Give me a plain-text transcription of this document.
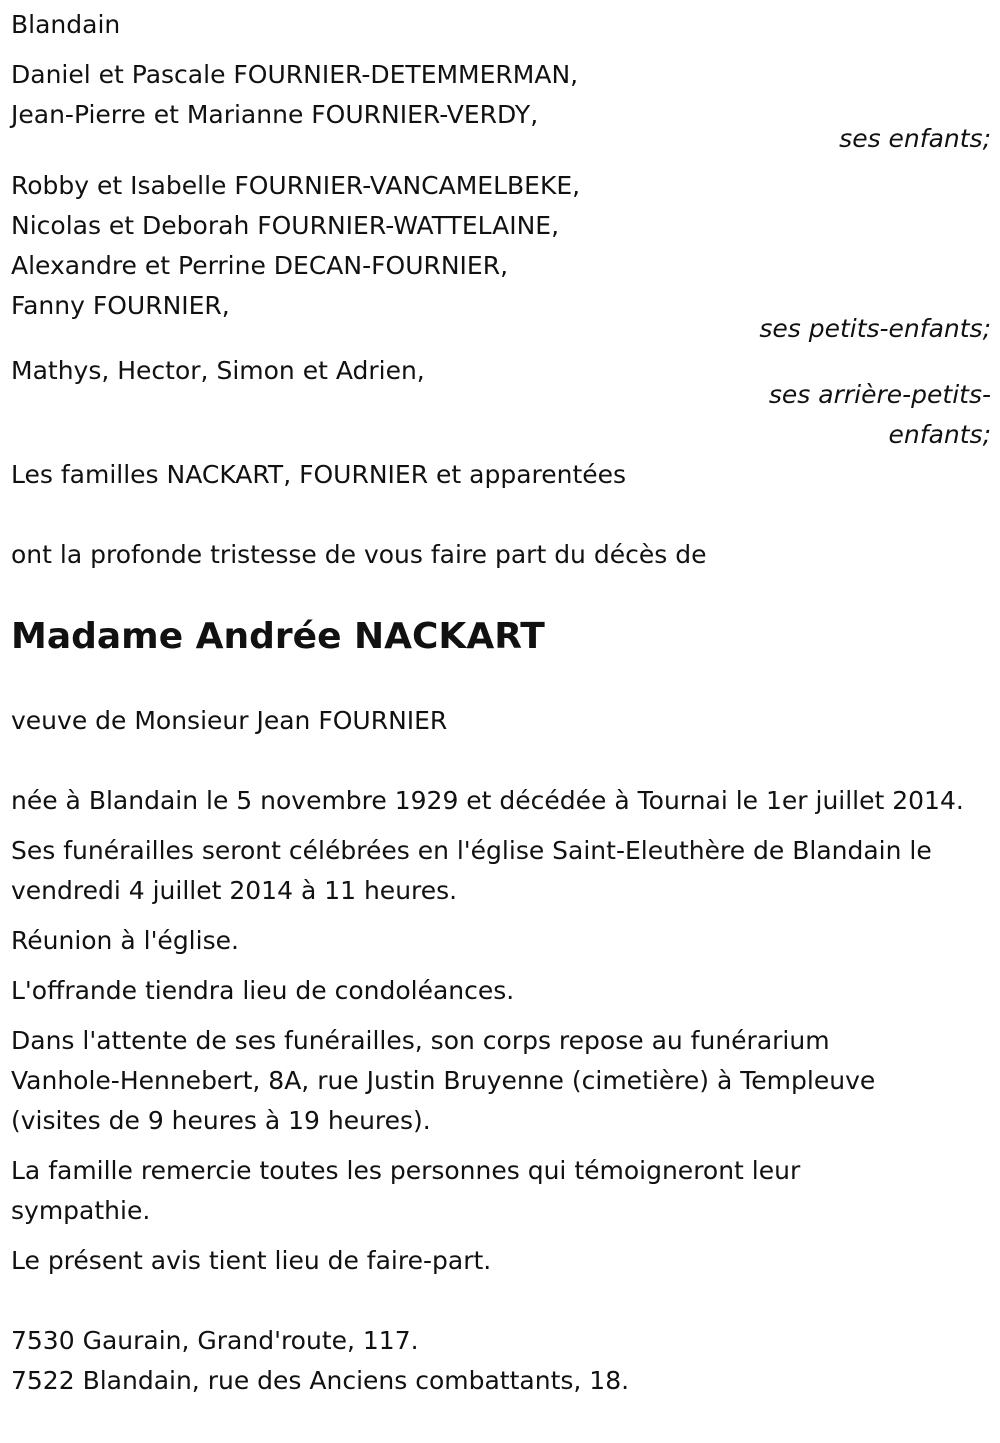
Blandain
Daniel et Pascale FOURNIER-DETEMMERMAN,
Jean-Pierre et Marianne FOURNIER-VERDY,
ses enfants;
Robby et Isabelle FOURNIER-VANCAMELBEKE,
Nicolas et Deborah FOURNIER-WATTELAINE,
Alexandre et Perrine DECAN-FOURNIER,
Fanny FOURNIER,
ses petits-enfants;
Mathys, Hector, Simon et Adrien,
ses arrière-petits-
enfants;
Les familles NACKART, FOURNIER et apparentées
ont la profonde tristesse de vous faire part du décès de
Madame Andrée NACKART
veuve de Monsieur Jean FOURNIER
née à Blandain le 5 novembre 1929 et décédée à Tournai le 1er juillet 2014.
Ses funérailles seront célébrées en l'église Saint-Eleuthère de Blandain le vendredi 4 juillet 2014 à 11 heures.
Réunion à l'église.
L'offrande tiendra lieu de condoléances.
Dans l'attente de ses funérailles, son corps repose au funérarium Vanhole-Hennebert, 8A, rue Justin Bruyenne (cimetière) à Templeuve (visites de 9 heures à 19 heures).
La famille remercie toutes les personnes qui témoigneront leur sympathie.
Le présent avis tient lieu de faire-part.
7530 Gaurain, Grand'route, 117.
7522 Blandain, rue des Anciens combattants, 18.
